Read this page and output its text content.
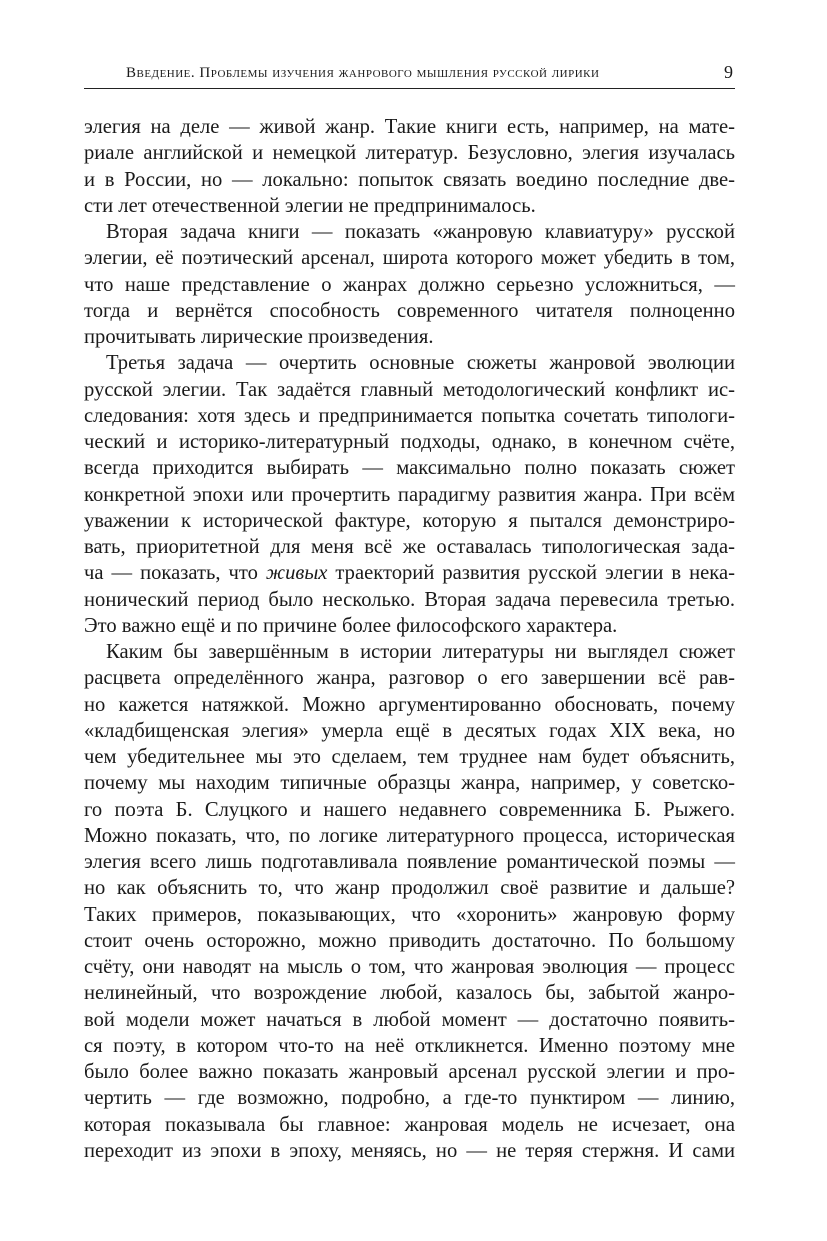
Введение. Проблемы изучения жанрового мышления русской лирики	9
элегия на деле — живой жанр. Такие книги есть, например, на мате-
риале английской и немецкой литератур. Безусловно, элегия изучалась
и в России, но — локально: попыток связать воедино последние две-
сти лет отечественной элегии не предпринималось.
Вторая задача книги — показать «жанровую клавиатуру» русской
элегии, её поэтический арсенал, широта которого может убедить в том,
что наше представление о жанрах должно серьезно усложниться, —
тогда и вернётся способность современного читателя полноценно
прочитывать лирические произведения.
Третья задача — очертить основные сюжеты жанровой эволюции
русской элегии. Так задаётся главный методологический конфликт ис-
следования: хотя здесь и предпринимается попытка сочетать типологи-
ческий и историко-литературный подходы, однако, в конечном счёте,
всегда приходится выбирать — максимально полно показать сюжет
конкретной эпохи или прочертить парадигму развития жанра. При всём
уважении к исторической фактуре, которую я пытался демонстриро-
вать, приоритетной для меня всё же оставалась типологическая зада-
ча — показать, что живых траекторий развития русской элегии в нека-
нонический период было несколько. Вторая задача перевесила третью.
Это важно ещё и по причине более философского характера.
Каким бы завершённым в истории литературы ни выглядел сюжет
расцвета определённого жанра, разговор о его завершении всё рав-
но кажется натяжкой. Можно аргументированно обосновать, почему
«кладбищенская элегия» умерла ещё в десятых годах XIX века, но
чем убедительнее мы это сделаем, тем труднее нам будет объяснить,
почему мы находим типичные образцы жанра, например, у советско-
го поэта Б. Слуцкого и нашего недавнего современника Б. Рыжего.
Можно показать, что, по логике литературного процесса, историческая
элегия всего лишь подготавливала появление романтической поэмы —
но как объяснить то, что жанр продолжил своё развитие и дальше?
Таких примеров, показывающих, что «хоронить» жанровую форму
стоит очень осторожно, можно приводить достаточно. По большому
счёту, они наводят на мысль о том, что жанровая эволюция — процесс
нелинейный, что возрождение любой, казалось бы, забытой жанро-
вой модели может начаться в любой момент — достаточно появить-
ся поэту, в котором что-то на неё откликнется. Именно поэтому мне
было более важно показать жанровый арсенал русской элегии и про-
чертить — где возможно, подробно, а где-то пунктиром — линию,
которая показывала бы главное: жанровая модель не исчезает, она
переходит из эпохи в эпоху, меняясь, но — не теряя стержня. И сами
